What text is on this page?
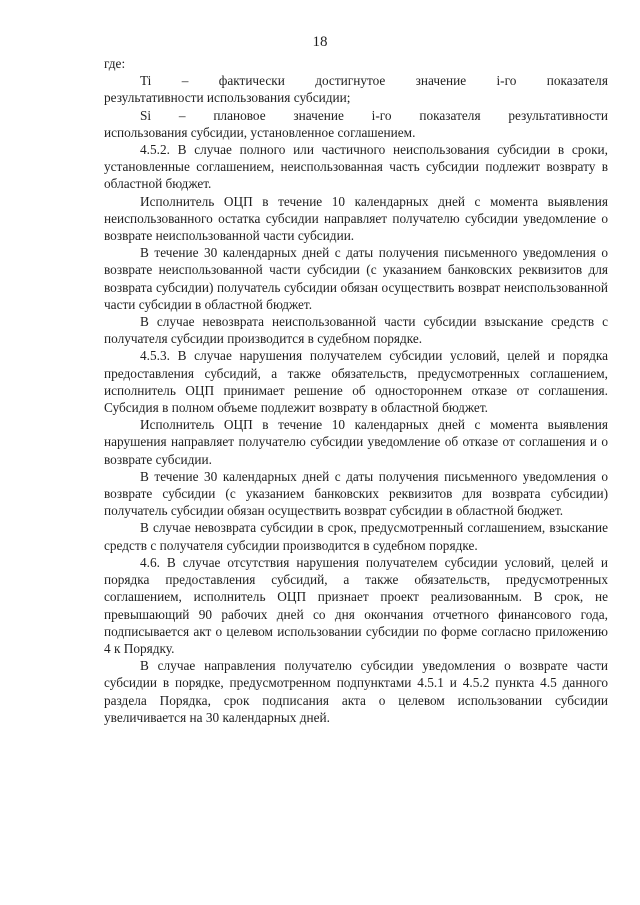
18

где:

Ti – фактически достигнутое значение i-го показателя

результативности использования субсидии;

Si – плановое значение i-го показателя результативности

использования субсидии, установленное соглашением.

4.5.2. В случае полного или частичного неиспользования субсидии в сроки, установленные соглашением, неиспользованная часть субсидии подлежит возврату в областной бюджет.

Исполнитель ОЦП в течение 10 календарных дней с момента выявления неиспользованного остатка субсидии направляет получателю субсидии уведомление о возврате неиспользованной части субсидии.

В течение 30 календарных дней с даты получения письменного уведомления о возврате неиспользованной части субсидии (с указанием банковских реквизитов для возврата субсидии) получатель субсидии обязан осуществить возврат неиспользованной части субсидии в областной бюджет.

В случае невозврата неиспользованной части субсидии взыскание средств с получателя субсидии производится в судебном порядке.

4.5.3. В случае нарушения получателем субсидии условий, целей и порядка предоставления субсидий, а также обязательств, предусмотренных соглашением, исполнитель ОЦП принимает решение об одностороннем отказе от соглашения. Субсидия в полном объеме подлежит возврату в областной бюджет.

Исполнитель ОЦП в течение 10 календарных дней с момента выявления нарушения направляет получателю субсидии уведомление об отказе от соглашения и о возврате субсидии.

В течение 30 календарных дней с даты получения письменного уведомления о возврате субсидии (с указанием банковских реквизитов для возврата субсидии) получатель субсидии обязан осуществить возврат субсидии в областной бюджет.

В случае невозврата субсидии в срок, предусмотренный соглашением, взыскание средств с получателя субсидии производится в судебном порядке.

4.6. В случае отсутствия нарушения получателем субсидии условий, целей и порядка предоставления субсидий, а также обязательств, предусмотренных соглашением, исполнитель ОЦП признает проект реализованным. В срок, не превышающий 90 рабочих дней со дня окончания отчетного финансового года, подписывается акт о целевом использовании субсидии по форме согласно приложению 4 к Порядку.

В случае направления получателю субсидии уведомления о возврате части субсидии в порядке, предусмотренном подпунктами 4.5.1 и 4.5.2 пункта 4.5 данного раздела Порядка, срок подписания акта о целевом использовании субсидии увеличивается на 30 календарных дней.
